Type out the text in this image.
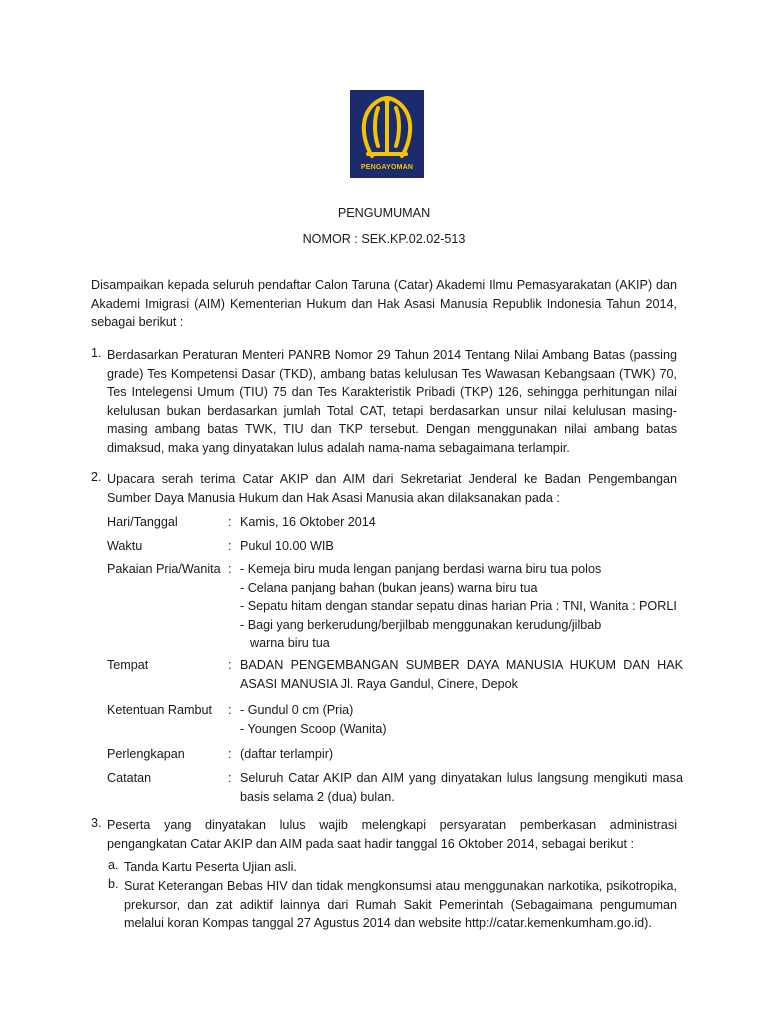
PENGAYOMAN
PENGUMUMAN
NOMOR : SEK.KP.02.02-513
Disampaikan kepada seluruh pendaftar Calon Taruna (Catar) Akademi Ilmu Pemasyarakatan (AKIP) dan Akademi Imigrasi (AIM) Kementerian Hukum dan Hak Asasi Manusia Republik Indonesia Tahun 2014, sebagai berikut :
1. Berdasarkan Peraturan Menteri PANRB Nomor 29 Tahun 2014 Tentang Nilai Ambang Batas (passing grade) Tes Kompetensi Dasar (TKD), ambang batas kelulusan Tes Wawasan Kebangsaan (TWK) 70, Tes Intelegensi Umum (TIU) 75 dan Tes Karakteristik Pribadi (TKP) 126, sehingga perhitungan nilai kelulusan bukan berdasarkan jumlah Total CAT, tetapi berdasarkan unsur nilai kelulusan masing-masing ambang batas TWK, TIU dan TKP tersebut. Dengan menggunakan nilai ambang batas dimaksud, maka yang dinyatakan lulus adalah nama-nama sebagaimana terlampir.
2. Upacara serah terima Catar AKIP dan AIM dari Sekretariat Jenderal ke Badan Pengembangan Sumber Daya Manusia Hukum dan Hak Asasi Manusia akan dilaksanakan pada :
Hari/Tanggal	: Kamis, 16 Oktober 2014
Waktu	: Pukul 10.00 WIB
Pakaian Pria/Wanita : - Kemeja biru muda lengan panjang berdasi warna biru tua polos
- Celana panjang bahan (bukan jeans) warna biru tua
- Sepatu hitam dengan standar sepatu dinas harian Pria : TNI, Wanita : PORLI
- Bagi yang berkerudung/berjilbab menggunakan kerudung/jilbab
warna biru tua
Tempat	: BADAN PENGEMBANGAN SUMBER DAYA MANUSIA HUKUM DAN HAK ASASI MANUSIA Jl. Raya Gandul, Cinere, Depok
Ketentuan Rambut	: - Gundul 0 cm (Pria)
- Youngen Scoop (Wanita)
Perlengkapan	: (daftar terlampir)
Catatan	: Seluruh Catar AKIP dan AIM yang dinyatakan lulus langsung mengikuti masa basis selama 2 (dua) bulan.
3. Peserta yang dinyatakan lulus wajib melengkapi persyaratan pemberkasan administrasi pengangkatan Catar AKIP dan AIM pada saat hadir tanggal 16 Oktober 2014, sebagai berikut :
a. Tanda Kartu Peserta Ujian asli.
b. Surat Keterangan Bebas HIV dan tidak mengkonsumsi atau menggunakan narkotika, psikotropika, prekursor, dan zat adiktif lainnya dari Rumah Sakit Pemerintah (Sebagaimana pengumuman melalui koran Kompas tanggal 27 Agustus 2014 dan website http://catar.kemenkumham.go.id).
